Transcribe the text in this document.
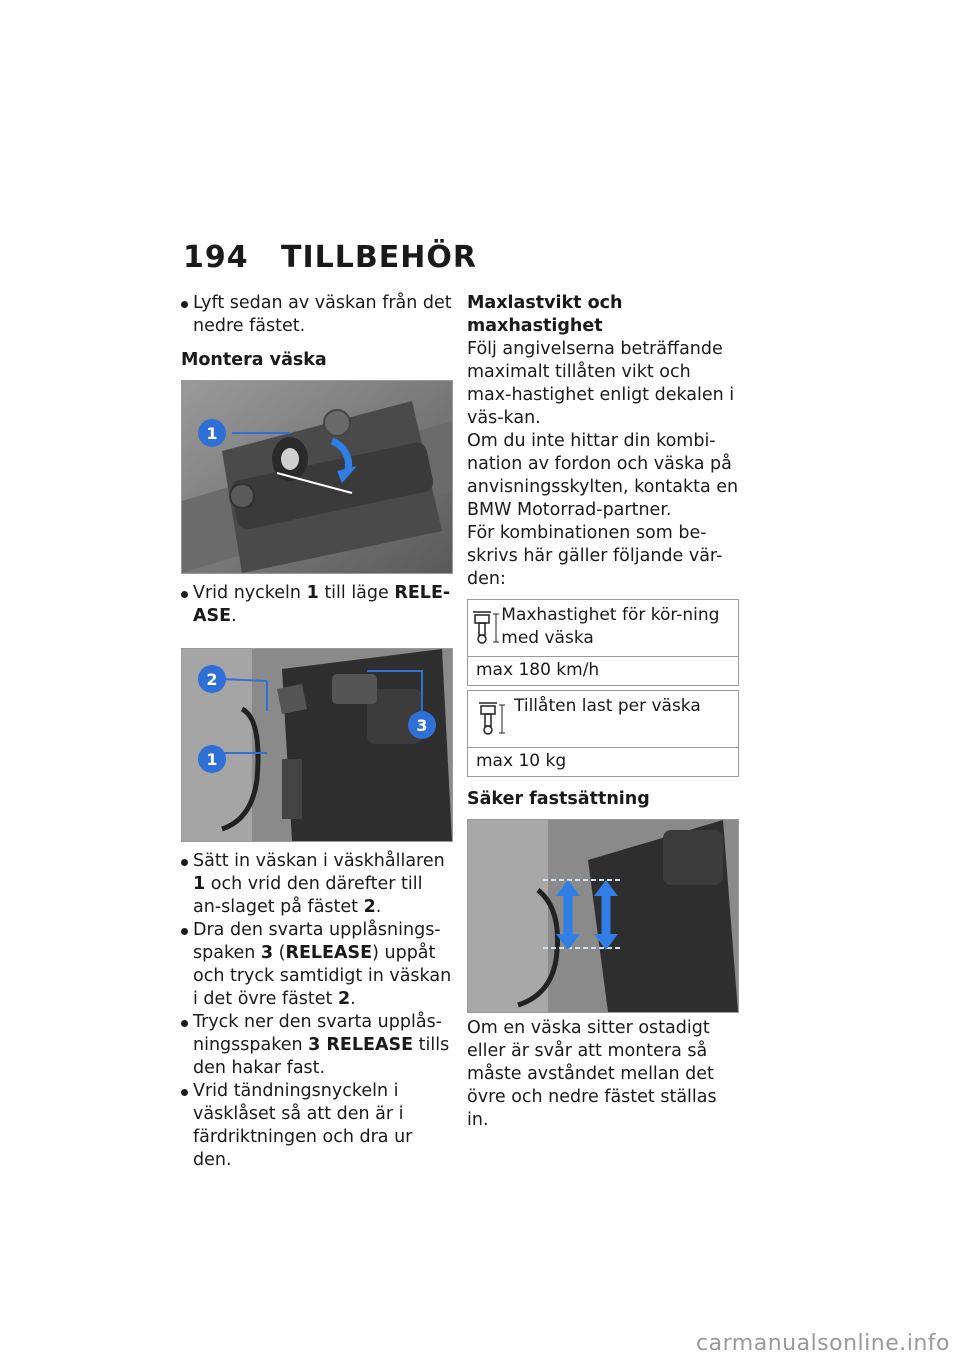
194 TILLBEHÖR
Lyft sedan av väskan från det nedre fästet.
Montera väska
1
Vrid nyckeln 1 till läge RELE-ASE.
2
1
3
Sätt in väskan i väskhållaren 1 och vrid den därefter till an-slaget på fästet 2.
Dra den svarta upplåsnings-spaken 3 (RELEASE) uppåt och tryck samtidigt in väskan i det övre fästet 2.
Tryck ner den svarta upplås-ningsspaken 3 RELEASE tills den hakar fast.
Vrid tändningsnyckeln i väsklåset så att den är i färdriktningen och dra ur den.
Maxlastvikt och maxhastighet
Följ angivelserna beträffande maximalt tillåten vikt och max-hastighet enligt dekalen i väs-kan.
Om du inte hittar din kombi-nation av fordon och väska på anvisningsskylten, kontakta en BMW Motorrad-partner.
För kombinationen som be-skrivs här gäller följande vär-den:
Maxhastighet för kör-ning med väska
max 180 km/h
Tillåten last per väska
max 10 kg
Säker fastsättning
Om en väska sitter ostadigt eller är svår att montera så måste avståndet mellan det övre och nedre fästet ställas in.
carmanualsonline.info
